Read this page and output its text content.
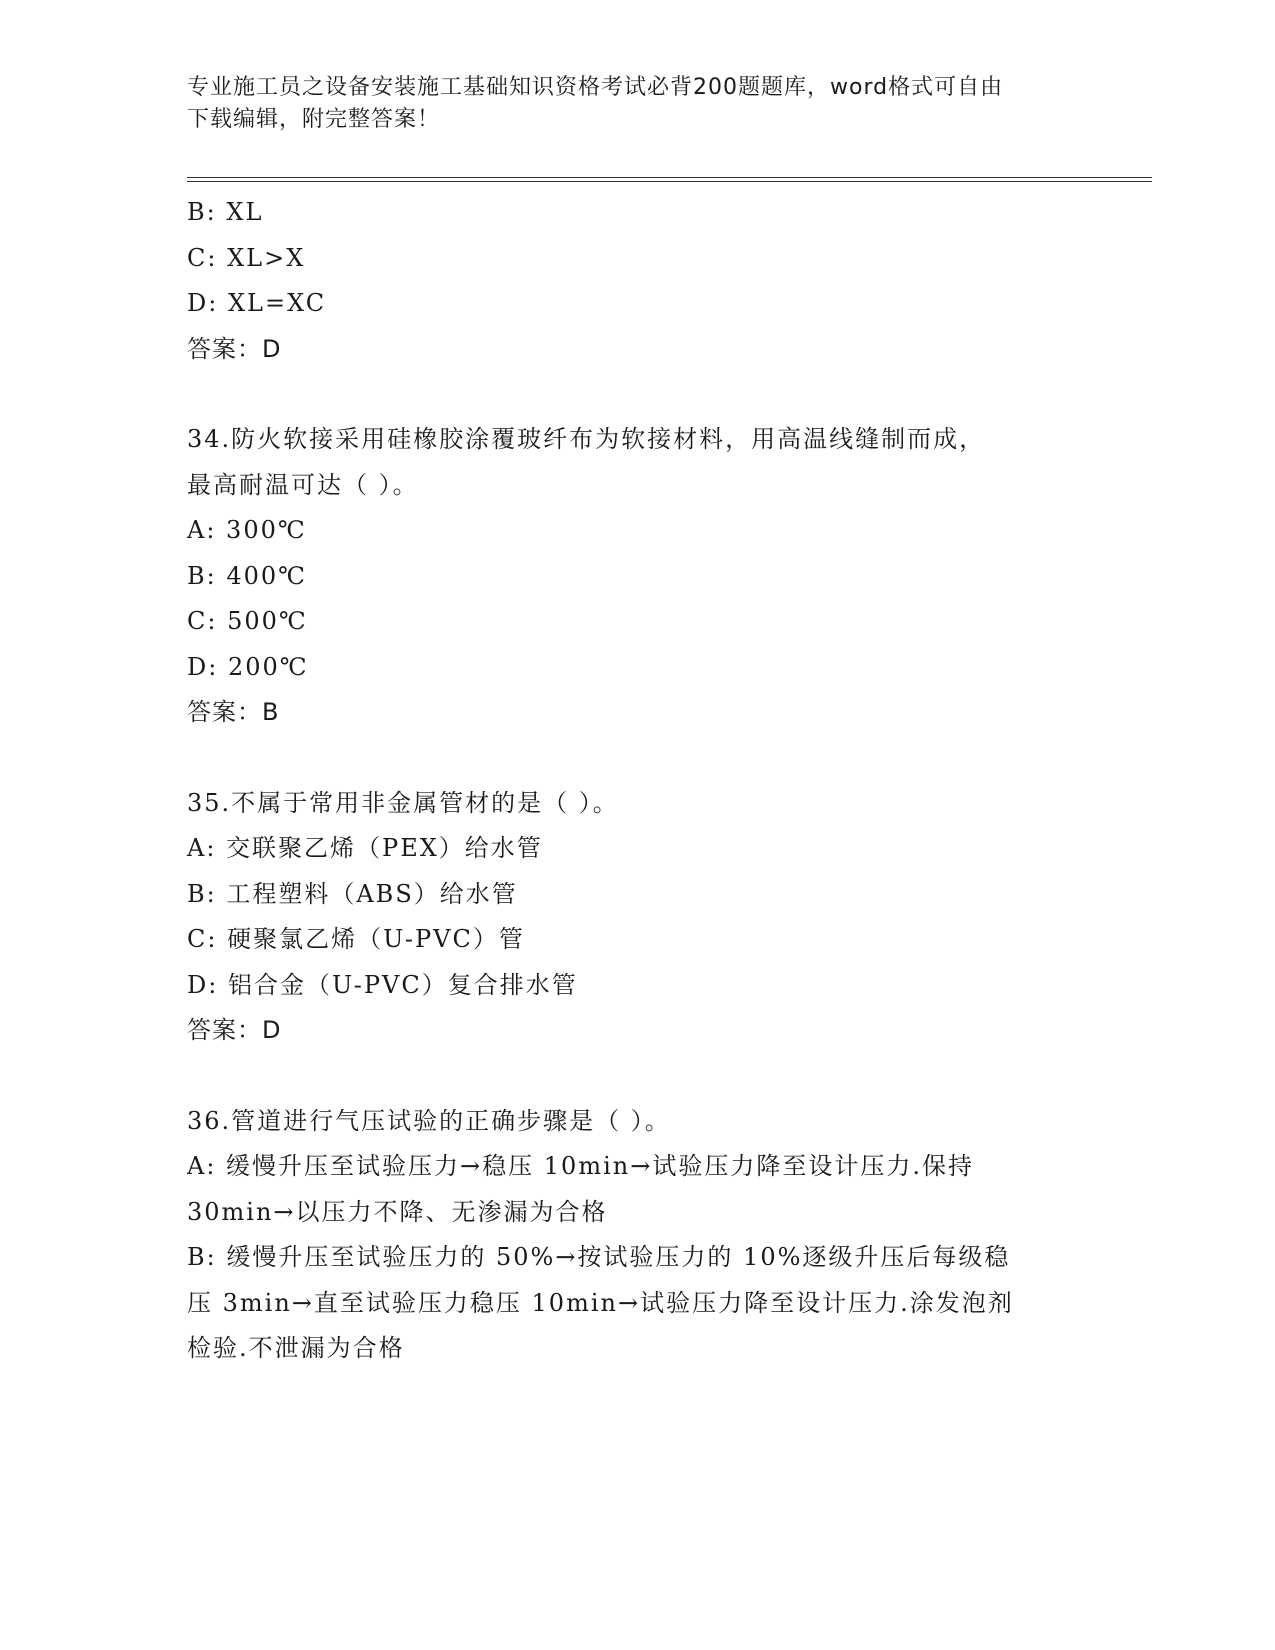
专业施工员之设备安装施工基础知识资格考试必背200题题库，word格式可自由
下载编辑，附完整答案！
B: XL
C: XL>X
D: XL=XC
答案：D
34.防火软接采用硅橡胶涂覆玻纤布为软接材料，用高温线缝制而成，
最高耐温可达（ ）。
A: 300℃
B: 400℃
C: 500℃
D: 200℃
答案：B
35.不属于常用非金属管材的是（ ）。
A: 交联聚乙烯（PEX）给水管
B: 工程塑料（ABS）给水管
C: 硬聚氯乙烯（U-PVC）管
D: 铝合金（U-PVC）复合排水管
答案：D
36.管道进行气压试验的正确步骤是（ ）。
A: 缓慢升压至试验压力→稳压 10min→试验压力降至设计压力.保持
30min→以压力不降、无渗漏为合格
B: 缓慢升压至试验压力的 50%→按试验压力的 10%逐级升压后每级稳
压 3min→直至试验压力稳压 10min→试验压力降至设计压力.涂发泡剂
检验.不泄漏为合格
